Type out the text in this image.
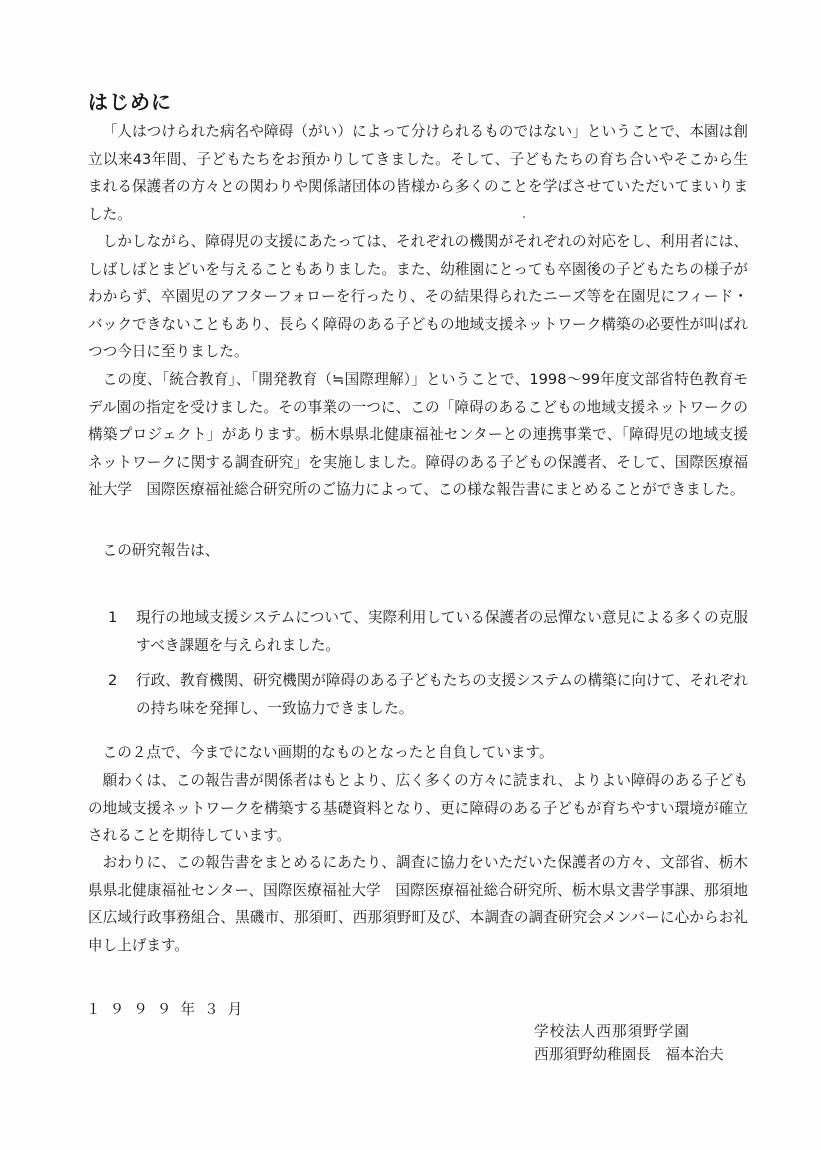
はじめに

「人はつけられた病名や障碍（がい）によって分けられるものではない」ということで、本園は創立以来43年間、子どもたちをお預かりしてきました。そして、子どもたちの育ち合いやそこから生まれる保護者の方々との関わりや関係諸団体の皆様から多くのことを学ばさせていただいてまいりました。

しかしながら、障碍児の支援にあたっては、それぞれの機関がそれぞれの対応をし、利用者には、しばしばとまどいを与えることもありました。また、幼稚園にとっても卒園後の子どもたちの様子がわからず、卒園児のアフターフォローを行ったり、その結果得られたニーズ等を在園児にフィード・バックできないこともあり、長らく障碍のある子どもの地域支援ネットワーク構築の必要性が叫ばれつつ今日に至りました。

この度、「統合教育」、「開発教育（≒国際理解）」ということで、1998〜99年度文部省特色教育モデル園の指定を受けました。その事業の一つに、この「障碍のあるこどもの地域支援ネットワークの構築プロジェクト」があります。栃木県県北健康福祉センターとの連携事業で、「障碍児の地域支援ネットワークに関する調査研究」を実施しました。障碍のある子どもの保護者、そして、国際医療福祉大学　国際医療福祉総合研究所のご協力によって、この様な報告書にまとめることができました。

この研究報告は、

1	現行の地域支援システムについて、実際利用している保護者の忌憚ない意見による多くの克服すべき課題を与えられました。
2	行政、教育機関、研究機関が障碍のある子どもたちの支援システムの構築に向けて、それぞれの持ち味を発揮し、一致協力できました。

この２点で、今までにない画期的なものとなったと自負しています。

願わくは、この報告書が関係者はもとより、広く多くの方々に読まれ、よりよい障碍のある子どもの地域支援ネットワークを構築する基礎資料となり、更に障碍のある子どもが育ちやすい環境が確立されることを期待しています。

おわりに、この報告書をまとめるにあたり、調査に協力をいただいた保護者の方々、文部省、栃木県県北健康福祉センター、国際医療福祉大学　国際医療福祉総合研究所、栃木県文書学事課、那須地区広域行政事務組合、黒磯市、那須町、西那須野町及び、本調査の調査研究会メンバーに心からお礼申し上げます。

１９９９年３月
学校法人西那須野学園
西那須野幼稚園長　福本治夫
